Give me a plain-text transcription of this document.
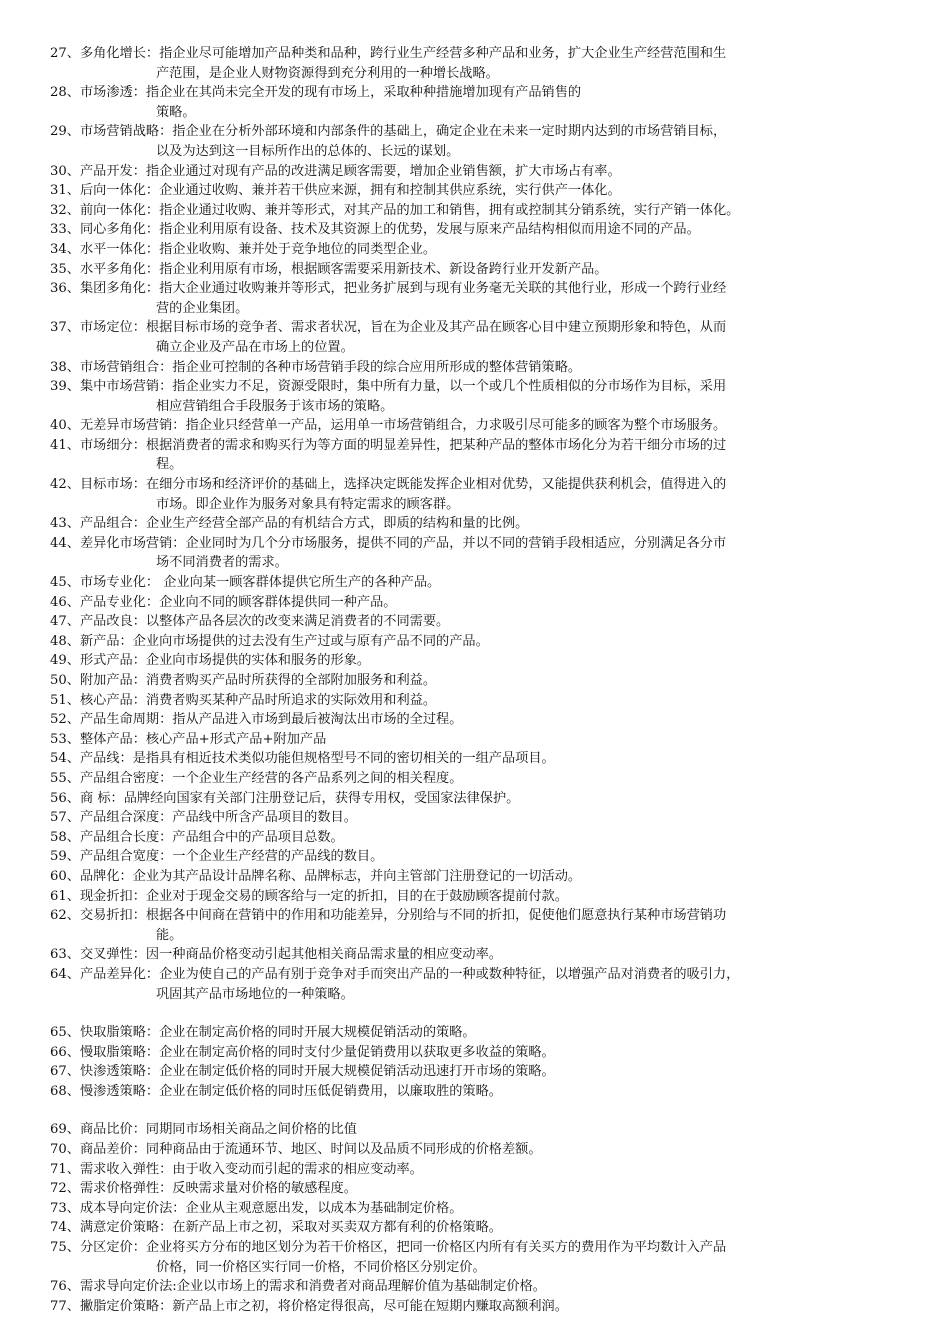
27、多角化增长：指企业尽可能增加产品种类和品种，跨行业生产经营多种产品和业务，扩大企业生产经营范围和生
产范围，是企业人财物资源得到充分利用的一种增长战略。
28、市场渗透：指企业在其尚未完全开发的现有市场上，采取种种措施增加现有产品销售的
策略。
29、市场营销战略：指企业在分析外部环境和内部条件的基础上，确定企业在未来一定时期内达到的市场营销目标，
以及为达到这一目标所作出的总体的、长远的谋划。
30、产品开发：指企业通过对现有产品的改进满足顾客需要，增加企业销售额，扩大市场占有率。
31、后向一体化：企业通过收购、兼并若干供应来源，拥有和控制其供应系统，实行供产一体化。
32、前向一体化：指企业通过收购、兼并等形式，对其产品的加工和销售，拥有或控制其分销系统，实行产销一体化。
33、同心多角化：指企业利用原有设备、技术及其资源上的优势，发展与原来产品结构相似而用途不同的产品。
34、水平一体化：指企业收购、兼并处于竞争地位的同类型企业。
35、水平多角化：指企业利用原有市场，根据顾客需要采用新技术、新设备跨行业开发新产品。
36、集团多角化：指大企业通过收购兼并等形式，把业务扩展到与现有业务毫无关联的其他行业，形成一个跨行业经
营的企业集团。
37、市场定位：根据目标市场的竞争者、需求者状况，旨在为企业及其产品在顾客心目中建立预期形象和特色，从而
确立企业及产品在市场上的位置。
38、市场营销组合：指企业可控制的各种市场营销手段的综合应用所形成的整体营销策略。
39、集中市场营销：指企业实力不足，资源受限时，集中所有力量，以一个或几个性质相似的分市场作为目标，采用
相应营销组合手段服务于该市场的策略。
40、无差异市场营销：指企业只经营单一产品，运用单一市场营销组合，力求吸引尽可能多的顾客为整个市场服务。
41、市场细分：根据消费者的需求和购买行为等方面的明显差异性，把某种产品的整体市场化分为若干细分市场的过
程。
42、目标市场：在细分市场和经济评价的基础上，选择决定既能发挥企业相对优势，又能提供获利机会，值得进入的
市场。即企业作为服务对象具有特定需求的顾客群。
43、产品组合：企业生产经营全部产品的有机结合方式，即质的结构和量的比例。
44、差异化市场营销：企业同时为几个分市场服务，提供不同的产品，并以不同的营销手段相适应，分别满足各分市
场不同消费者的需求。
45、市场专业化： 企业向某一顾客群体提供它所生产的各种产品。
46、产品专业化：企业向不同的顾客群体提供同一种产品。
47、产品改良：以整体产品各层次的改变来满足消费者的不同需要。
48、新产品：企业向市场提供的过去没有生产过或与原有产品不同的产品。
49、形式产品：企业向市场提供的实体和服务的形象。
50、附加产品：消费者购买产品时所获得的全部附加服务和利益。
51、核心产品：消费者购买某种产品时所追求的实际效用和利益。
52、产品生命周期：指从产品进入市场到最后被淘汰出市场的全过程。
53、整体产品：核心产品+形式产品+附加产品
54、产品线：是指具有相近技术类似功能但规格型号不同的密切相关的一组产品项目。
55、产品组合密度：一个企业生产经营的各产品系列之间的相关程度。
56、商 标：品牌经向国家有关部门注册登记后，获得专用权，受国家法律保护。
57、产品组合深度：产品线中所含产品项目的数目。
58、产品组合长度：产品组合中的产品项目总数。
59、产品组合宽度：一个企业生产经营的产品线的数目。
60、品牌化：企业为其产品设计品牌名称、品牌标志，并向主管部门注册登记的一切活动。
61、现金折扣：企业对于现金交易的顾客给与一定的折扣，目的在于鼓励顾客提前付款。
62、交易折扣：根据各中间商在营销中的作用和功能差异，分别给与不同的折扣，促使他们愿意执行某种市场营销功
能。
63、交叉弹性：因一种商品价格变动引起其他相关商品需求量的相应变动率。
64、产品差异化：企业为使自己的产品有别于竞争对手而突出产品的一种或数种特征，以增强产品对消费者的吸引力，
巩固其产品市场地位的一种策略。
65、快取脂策略：企业在制定高价格的同时开展大规模促销活动的策略。
66、慢取脂策略：企业在制定高价格的同时支付少量促销费用以获取更多收益的策略。
67、快渗透策略：企业在制定低价格的同时开展大规模促销活动迅速打开市场的策略。
68、慢渗透策略：企业在制定低价格的同时压低促销费用，以廉取胜的策略。
69、商品比价：同期同市场相关商品之间价格的比值
70、商品差价：同种商品由于流通环节、地区、时间以及品质不同形成的价格差额。
71、需求收入弹性：由于收入变动而引起的需求的相应变动率。
72、需求价格弹性：反映需求量对价格的敏感程度。
73、成本导向定价法：企业从主观意愿出发，以成本为基础制定价格。
74、满意定价策略：在新产品上市之初，采取对买卖双方都有利的价格策略。
75、分区定价：企业将买方分布的地区划分为若干价格区，把同一价格区内所有有关买方的费用作为平均数计入产品
价格，同一价格区实行同一价格，不同价格区分别定价。
76、需求导向定价法:企业以市场上的需求和消费者对商品理解价值为基础制定价格。
77、撇脂定价策略：新产品上市之初，将价格定得很高，尽可能在短期内赚取高额利润。
